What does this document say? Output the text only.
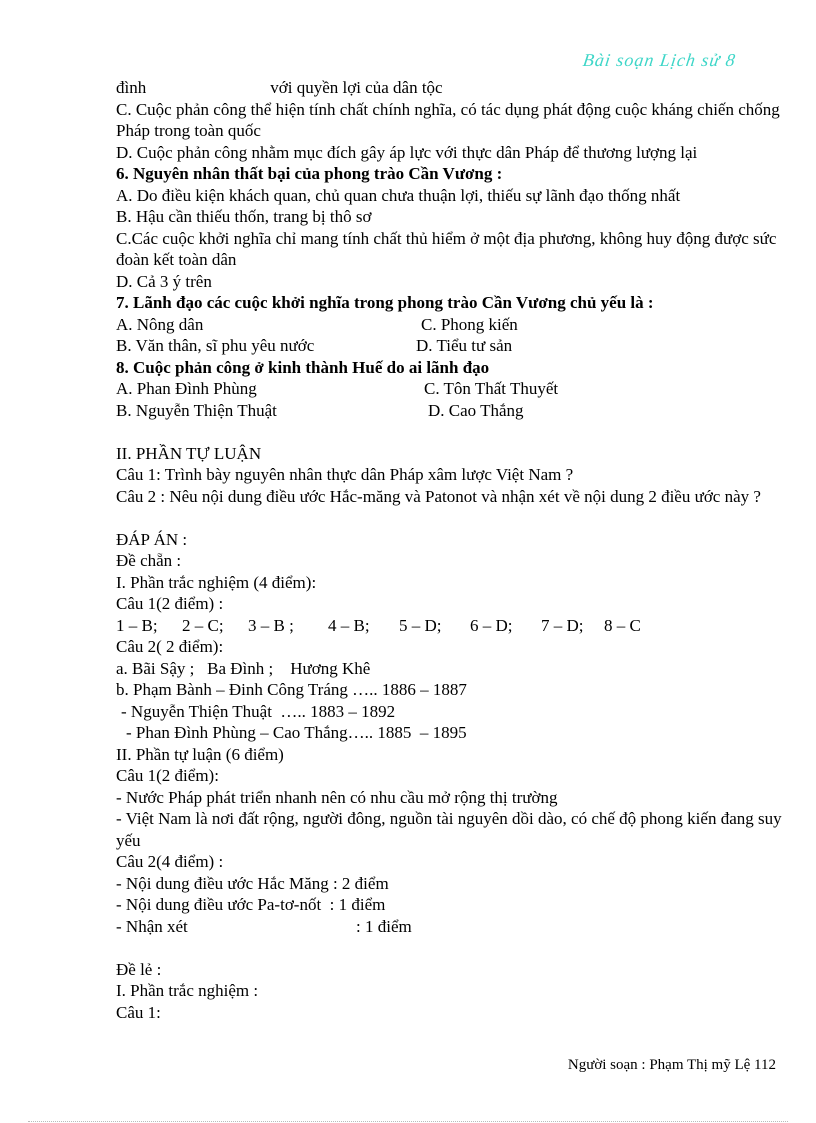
Bài soạn Lịch sử 8
đình	với quyền lợi của dân tộc
C. Cuộc phản công thể hiện tính chất chính nghĩa, có tác dụng phát động cuộc kháng chiến chống Pháp trong toàn quốc
D. Cuộc phản công nhằm mục đích gây áp lực với thực dân Pháp để thương lượng lại
6. Nguyên nhân thất bại của phong trào Cần Vương :
A. Do điều kiện khách quan, chủ quan chưa thuận lợi, thiếu sự lãnh đạo thống nhất
B. Hậu cần thiếu thốn, trang bị thô sơ
C.Các cuộc khởi nghĩa chỉ mang tính chất thủ hiểm ở một địa phương, không huy động được sức đoàn kết toàn dân
D. Cả 3 ý trên
7. Lãnh đạo các cuộc khởi nghĩa trong phong trào Cần Vương chủ yếu là :
A. Nông dân	C. Phong kiến
B. Văn thân, sĩ phu yêu nước	D. Tiểu tư sản
8. Cuộc phản công ở kinh thành Huế do ai lãnh đạo
A. Phan Đình Phùng	C. Tôn Thất Thuyết
B. Nguyễn Thiện Thuật	D. Cao Thắng
II. PHẦN TỰ LUẬN
Câu 1: Trình bày nguyên nhân thực dân Pháp xâm lược Việt Nam ?
Câu 2 : Nêu nội dung điều ước Hắc-măng và Patonot và nhận xét về nội dung 2 điều ước này ?
ĐÁP ÁN :
Đề chẵn :
I. Phần trắc nghiệm (4 điểm):
Câu 1(2 điểm) :
1 – B; 2 – C; 3 – B ; 4 – B; 5 – D; 6 – D; 7 – D; 8 – C
Câu 2( 2 điểm):
a. Bãi Sậy ;   Ba Đình ;    Hương Khê
b. Phạm Bành – Đinh Công Tráng ….. 1886 – 1887
- Nguyễn Thiện Thuật  ….. 1883 – 1892
- Phan Đình Phùng – Cao Thắng….. 1885  – 1895
II. Phần tự luận (6 điểm)
Câu 1(2 điểm):
- Nước Pháp phát triển nhanh nên có nhu cầu mở rộng thị trường
- Việt Nam là nơi đất rộng, người đông, nguồn tài nguyên dồi dào, có chế độ phong kiến đang suy yếu
Câu 2(4 điểm) :
- Nội dung điều ước Hắc Măng : 2 điểm
- Nội dung điều ước Pa-tơ-nốt  : 1 điểm
- Nhận xét	: 1 điểm
Đề lẻ :
I. Phần trắc nghiệm :
Câu 1:
Người soạn : Phạm Thị mỹ Lệ 112
